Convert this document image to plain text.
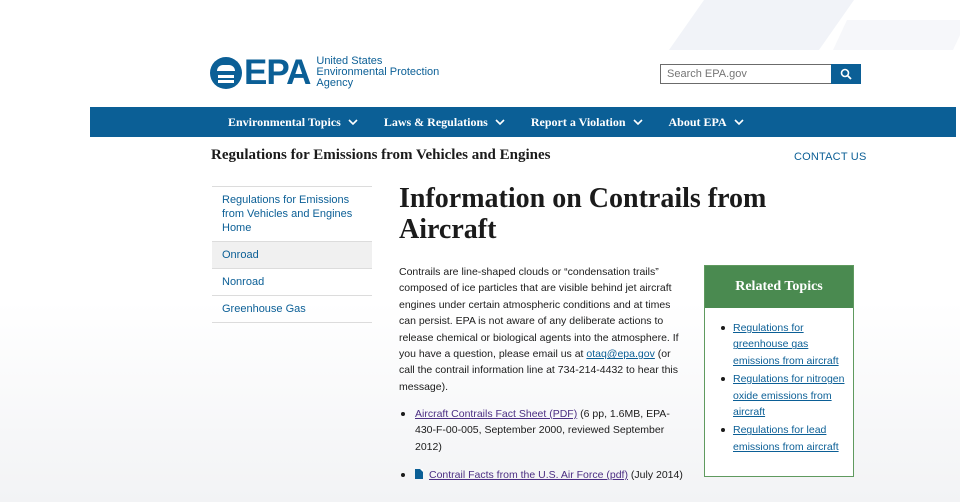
EPA United States
Environmental Protection
Agency
Search EPA.gov
Environmental Topics	Laws & Regulations	Report a Violation	About EPA
Regulations for Emissions from Vehicles and Engines	CONTACT US
Regulations for Emissions from Vehicles and Engines Home
Onroad
Nonroad
Greenhouse Gas
Information on Contrails from Aircraft
Contrails are line-shaped clouds or “condensation trails” composed of ice particles that are visible behind jet aircraft engines under certain atmospheric conditions and at times can persist. EPA is not aware of any deliberate actions to release chemical or biological agents into the atmosphere. If you have a question, please email us at otaq@epa.gov (or call the contrail information line at 734-214-4432 to hear this message).
Aircraft Contrails Fact Sheet (PDF) (6 pp, 1.6MB, EPA-430-F-00-005, September 2000, reviewed September 2012)
Contrail Facts from the U.S. Air Force (pdf) (July 2014)
Related Topics
Regulations for greenhouse gas emissions from aircraft
Regulations for nitrogen oxide emissions from aircraft
Regulations for lead emissions from aircraft
